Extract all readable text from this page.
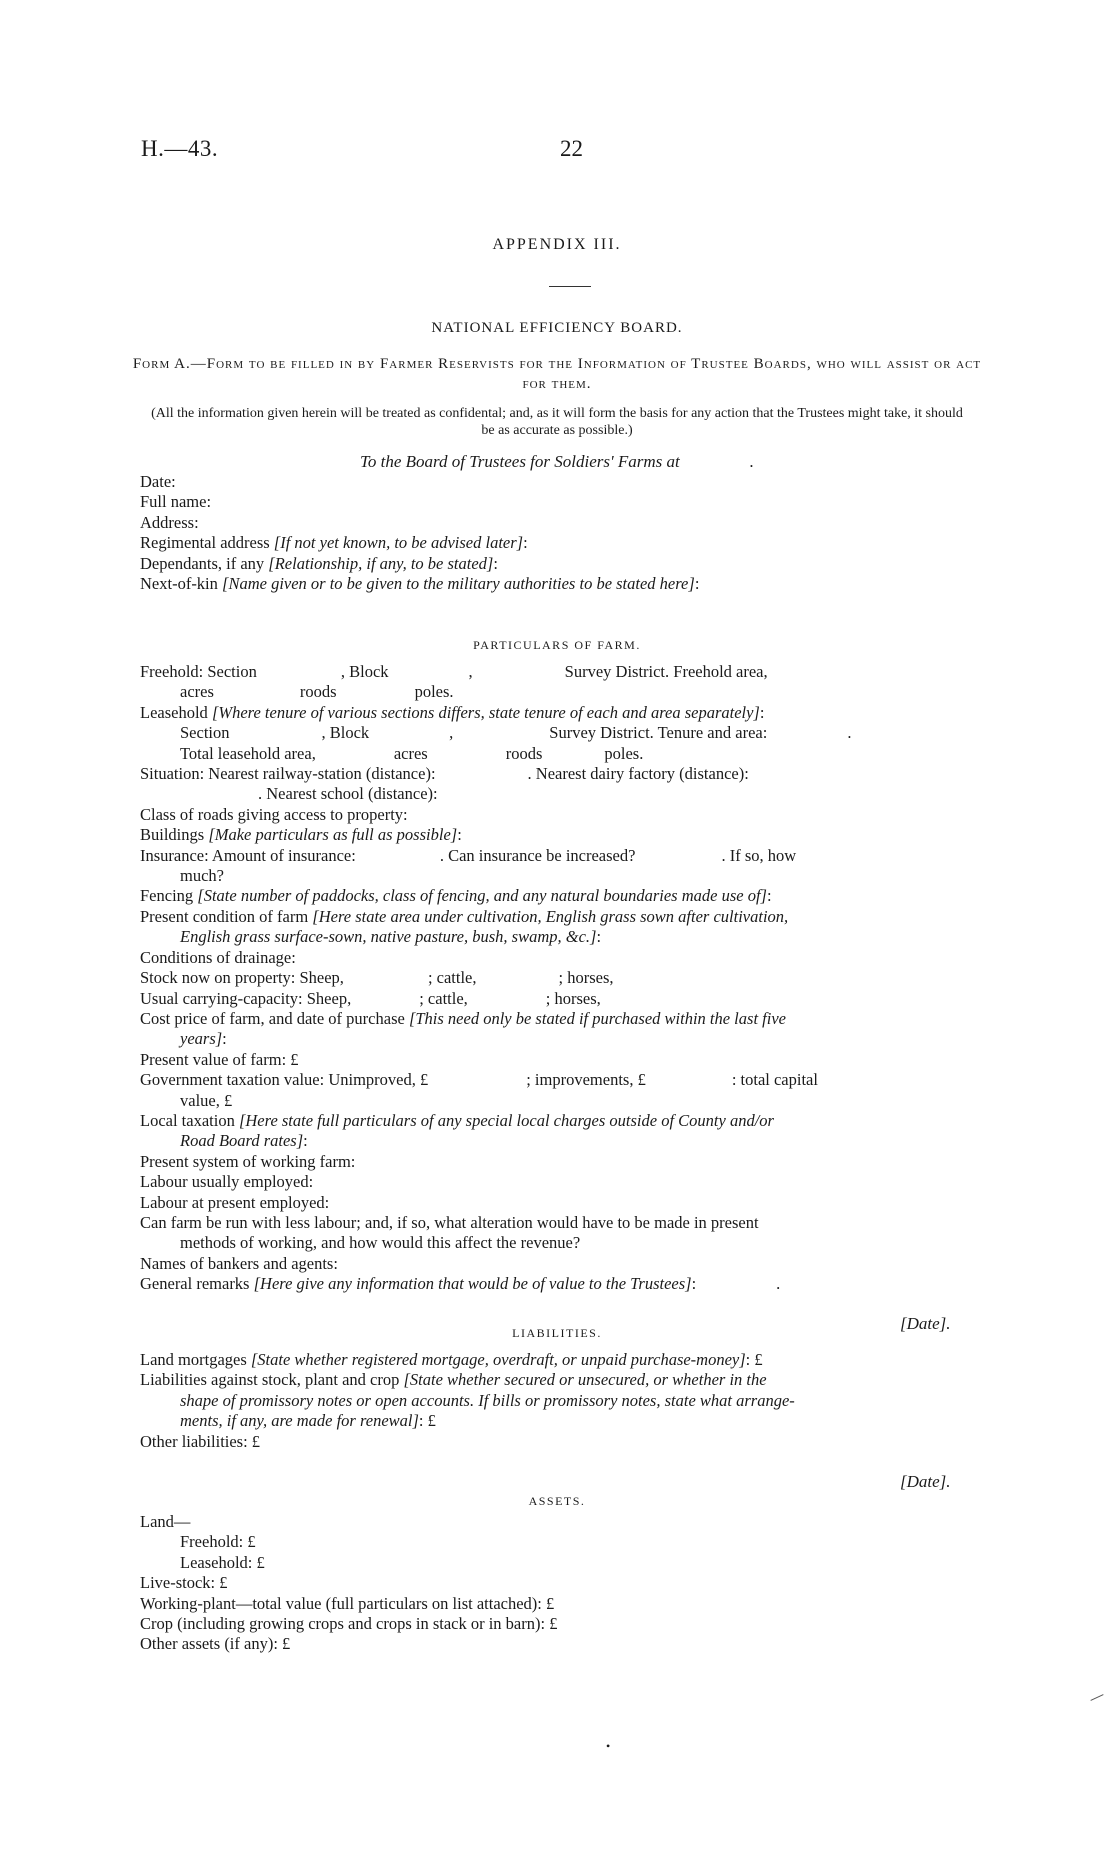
H.—43.	22
APPENDIX III.
NATIONAL EFFICIENCY BOARD.
Form A.—Form to be filled in by Farmer Reservists for the Information of Trustee Boards, who will assist or act for them.
(All the information given herein will be treated as confidental; and, as it will form the basis for any action that the Trustees might take, it should be as accurate as possible.)
To the Board of Trustees for Soldiers' Farms at	.
Date:
Full name:
Address:
Regimental address [If not yet known, to be advised later]:
Dependants, if any [Relationship, if any, to be stated]:
Next-of-kin [Name given or to be given to the military authorities to be stated here]:
PARTICULARS OF FARM.
Freehold: Section	, Block	,	Survey District. Freehold area,
acres	roods	poles.
Leasehold [Where tenure of various sections differs, state tenure of each and area separately]:
Section	, Block	,	Survey District. Tenure and area:	.
Total leasehold area,	acres	roods	poles.
Situation: Nearest railway-station (distance):	. Nearest dairy factory (distance):
. Nearest school (distance):
Class of roads giving access to property:
Buildings [Make particulars as full as possible]:
Insurance: Amount of insurance:	. Can insurance be increased?	. If so, how
much?
Fencing [State number of paddocks, class of fencing, and any natural boundaries made use of]:
Present condition of farm [Here state area under cultivation, English grass sown after cultivation,
English grass surface-sown, native pasture, bush, swamp, &c.]:
Conditions of drainage:
Stock now on property: Sheep,	; cattle,	; horses,
Usual carrying-capacity: Sheep,	; cattle,	; horses,
Cost price of farm, and date of purchase [This need only be stated if purchased within the last five
years]:
Present value of farm: £
Government taxation value: Unimproved, £	; improvements, £	: total capital
value, £
Local taxation [Here state full particulars of any special local charges outside of County and/or
Road Board rates]:
Present system of working farm:
Labour usually employed:
Labour at present employed:
Can farm be run with less labour; and, if so, what alteration would have to be made in present
methods of working, and how would this affect the revenue?
Names of bankers and agents:
General remarks [Here give any information that would be of value to the Trustees]:	.
LIABILITIES.	[Date].
Land mortgages [State whether registered mortgage, overdraft, or unpaid purchase-money]: £
Liabilities against stock, plant and crop [State whether secured or unsecured, or whether in the
shape of promissory notes or open accounts. If bills or promissory notes, state what arrange-
ments, if any, are made for renewal]: £
Other liabilities: £
ASSETS.
[Date].
Land—
Freehold: £
Leasehold: £
Live-stock: £
Working-plant—total value (full particulars on list attached): £
Crop (including growing crops and crops in stack or in barn): £
Other assets (if any): £
•
